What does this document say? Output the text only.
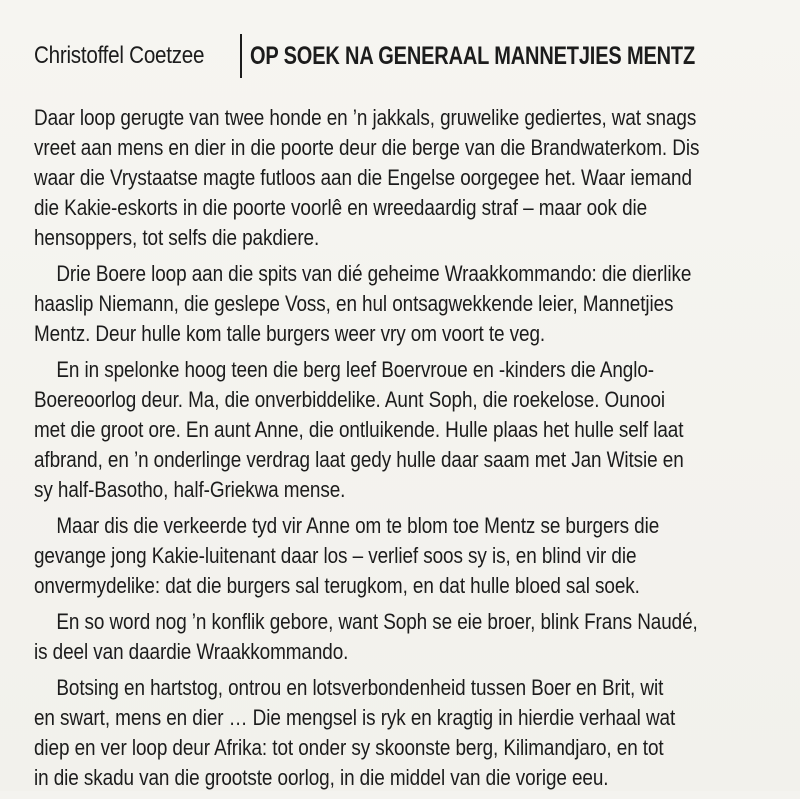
Christoffel Coetzee OP SOEK NA GENERAAL MANNETJIES MENTZ
Daar loop gerugte van twee honde en ’n jakkals, gruwelike gediertes, wat snags
vreet aan mens en dier in die poorte deur die berge van die Brandwaterkom. Dis
waar die Vrystaatse magte futloos aan die Engelse oorgegee het. Waar iemand
die Kakie-eskorts in die poorte voorlê en wreedaardig straf – maar ook die
hensoppers, tot selfs die pakdiere.
Drie Boere loop aan die spits van dié geheime Wraakkommando: die dierlike
haaslip Niemann, die geslepe Voss, en hul ontsagwekkende leier, Mannetjies
Mentz. Deur hulle kom talle burgers weer vry om voort te veg.
En in spelonke hoog teen die berg leef Boervroue en -kinders die Anglo-
Boereoorlog deur. Ma, die onverbiddelike. Aunt Soph, die roekelose. Ounooi
met die groot ore. En aunt Anne, die ontluikende. Hulle plaas het hulle self laat
afbrand, en ’n onderlinge verdrag laat gedy hulle daar saam met Jan Witsie en
sy half-Basotho, half-Griekwa mense.
Maar dis die verkeerde tyd vir Anne om te blom toe Mentz se burgers die
gevange jong Kakie-luitenant daar los – verlief soos sy is, en blind vir die
onvermydelike: dat die burgers sal terugkom, en dat hulle bloed sal soek.
En so word nog ’n konflik gebore, want Soph se eie broer, blink Frans Naudé,
is deel van daardie Wraakkommando.
Botsing en hartstog, ontrou en lotsverbondenheid tussen Boer en Brit, wit
en swart, mens en dier … Die mengsel is ryk en kragtig in hierdie verhaal wat
diep en ver loop deur Afrika: tot onder sy skoonste berg, Kilimandjaro, en tot
in die skadu van die grootste oorlog, in die middel van die vorige eeu.
